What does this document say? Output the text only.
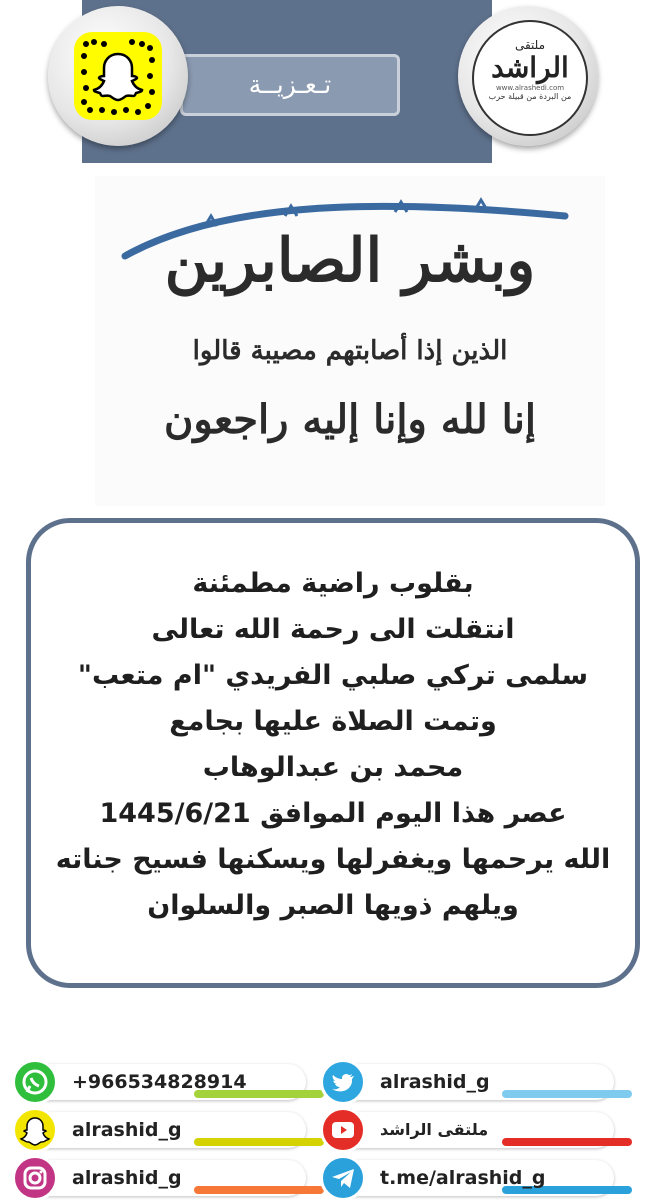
تـعـزيــة
ملتقى
الراشد
www.alrashedi.com
من البردة من قبيلة حرب
وبشر الصابرين
الذين إذا أصابتهم مصيبة قالوا
إنا لله وإنا إليه راجعون
بقلوب راضية مطمئنة
انتقلت الى رحمة الله تعالى
سلمى تركي صلبي الفريدي "ام متعب"
وتمت الصلاة عليها بجامع
محمد بن عبدالوهاب
عصر هذا اليوم الموافق 1445/6/21
الله يرحمها ويغفرلها ويسكنها فسيح جناته
ويلهم ذويها الصبر والسلوان
+966534828914
alrashid_g
alrashid_g
alrashid_g
ملتقى الراشد
t.me/alrashid_g
